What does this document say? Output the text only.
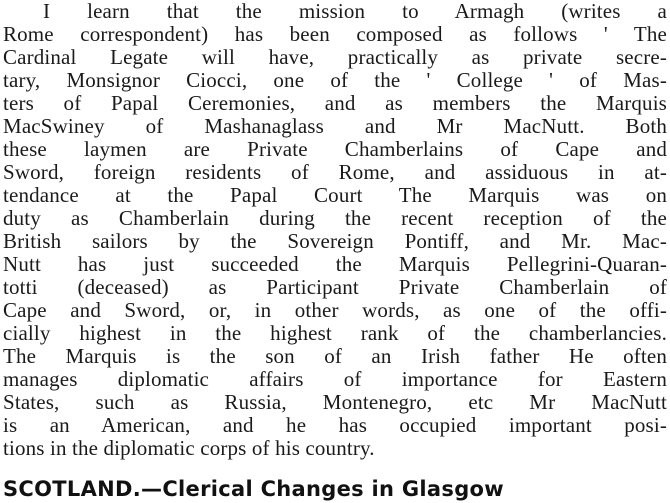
I learn that the mission to Armagh (writes a
Rome correspondent) has been composed as follows ' The
Cardinal Legate will have, practically as private secre-
tary, Monsignor Ciocci, one of the ' College ' of Mas-
ters of Papal Ceremonies, and as members the Marquis
MacSwiney of Mashanaglass and Mr MacNutt. Both
these laymen are Private Chamberlains of Cape and
Sword, foreign residents of Rome, and assiduous in at-
tendance at the Papal Court The Marquis was on
duty as Chamberlain during the recent reception of the
British sailors by the Sovereign Pontiff, and Mr. Mac-
Nutt has just succeeded the Marquis Pellegrini-Quaran-
totti (deceased) as Participant Private Chamberlain of
Cape and Sword, or, in other words, as one of the offi-
cially highest in the highest rank of the chamberlancies.
The Marquis is the son of an Irish father He often
manages diplomatic affairs of importance for Eastern
States, such as Russia, Montenegro, etc Mr MacNutt
is an American, and he has occupied important posi-
tions in the diplomatic corps of his country.
SCOTLAND.—Clerical Changes in Glasgow
